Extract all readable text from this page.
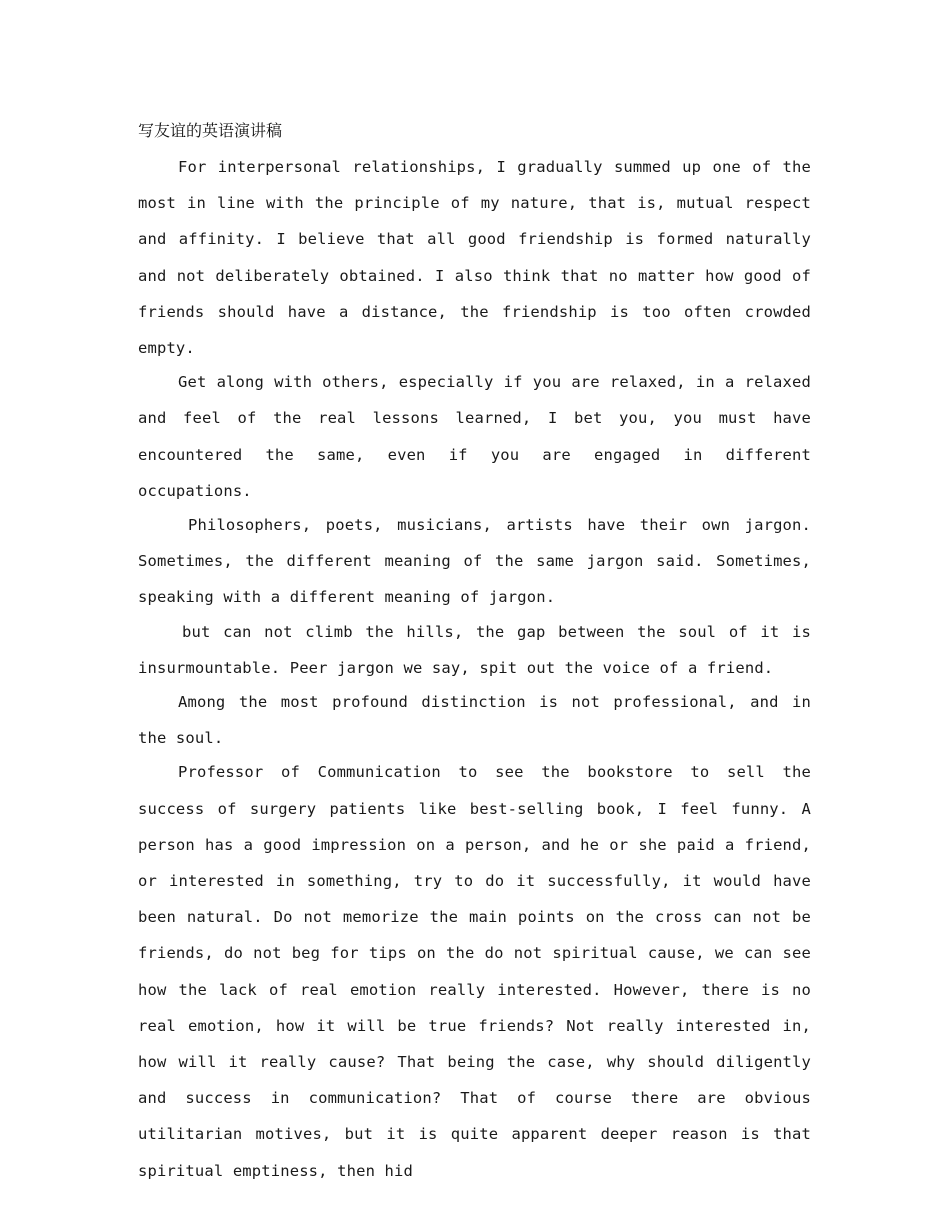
写友谊的英语演讲稿

For interpersonal relationships, I gradually summed up one of the most in line with the principle of my nature, that is, mutual respect and affinity. I believe that all good friendship is formed naturally and not deliberately obtained. I also think that no matter how good of friends should have a distance, the friendship is too often crowded empty.

Get along with others, especially if you are relaxed, in a relaxed and feel of the real lessons learned, I bet you, you must have encountered the same, even if you are engaged in different occupations.

Philosophers, poets, musicians, artists have their own jargon. Sometimes, the different meaning of the same jargon said. Sometimes, speaking with a different meaning of jargon.

but can not climb the hills, the gap between the soul of it is insurmountable. Peer jargon we say, spit out the voice of a friend.

Among the most profound distinction is not professional, and in the soul.

Professor of Communication to see the bookstore to sell the success of surgery patients like best-selling book, I feel funny. A person has a good impression on a person, and he or she paid a friend, or interested in something, try to do it successfully, it would have been natural. Do not memorize the main points on the cross can not be friends, do not beg for tips on the do not spiritual cause, we can see how the lack of real emotion really interested. However, there is no real emotion, how it will be true friends? Not really interested in, how will it really cause? That being the case, why should diligently and success in communication? That of course there are obvious utilitarian motives, but it is quite apparent deeper reason is that spiritual emptiness, then hid
